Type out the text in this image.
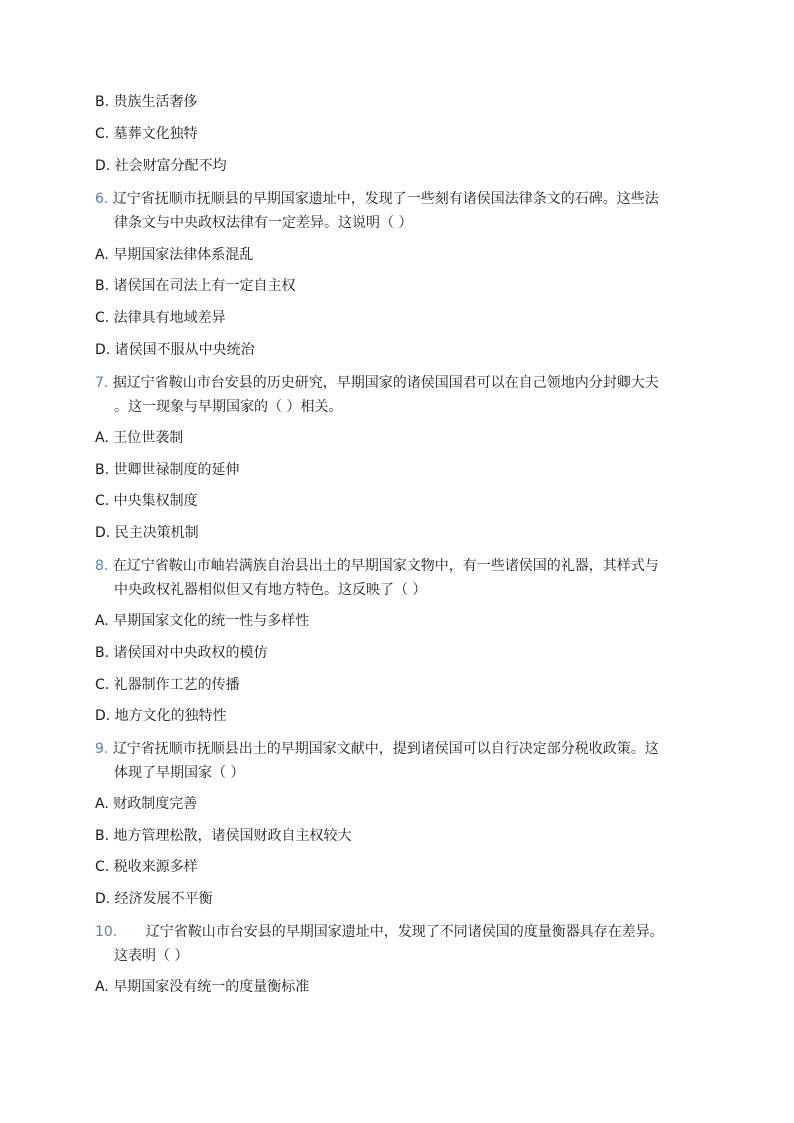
B. 贵族生活奢侈
C. 墓葬文化独特
D. 社会财富分配不均
6. 辽宁省抚顺市抚顺县的早期国家遗址中，发现了一些刻有诸侯国法律条文的石碑。这些法
律条文与中央政权法律有一定差异。这说明（ ）
A. 早期国家法律体系混乱
B. 诸侯国在司法上有一定自主权
C. 法律具有地域差异
D. 诸侯国不服从中央统治
7. 据辽宁省鞍山市台安县的历史研究，早期国家的诸侯国国君可以在自己领地内分封卿大夫
。这一现象与早期国家的（ ）相关。
A. 王位世袭制
B. 世卿世禄制度的延伸
C. 中央集权制度
D. 民主决策机制
8. 在辽宁省鞍山市岫岩满族自治县出土的早期国家文物中，有一些诸侯国的礼器，其样式与
中央政权礼器相似但又有地方特色。这反映了（ ）
A. 早期国家文化的统一性与多样性
B. 诸侯国对中央政权的模仿
C. 礼器制作工艺的传播
D. 地方文化的独特性
9. 辽宁省抚顺市抚顺县出土的早期国家文献中，提到诸侯国可以自行决定部分税收政策。这
体现了早期国家（ ）
A. 财政制度完善
B. 地方管理松散，诸侯国财政自主权较大
C. 税收来源多样
D. 经济发展不平衡
10. 辽宁省鞍山市台安县的早期国家遗址中，发现了不同诸侯国的度量衡器具存在差异。
这表明（ ）
A. 早期国家没有统一的度量衡标准
